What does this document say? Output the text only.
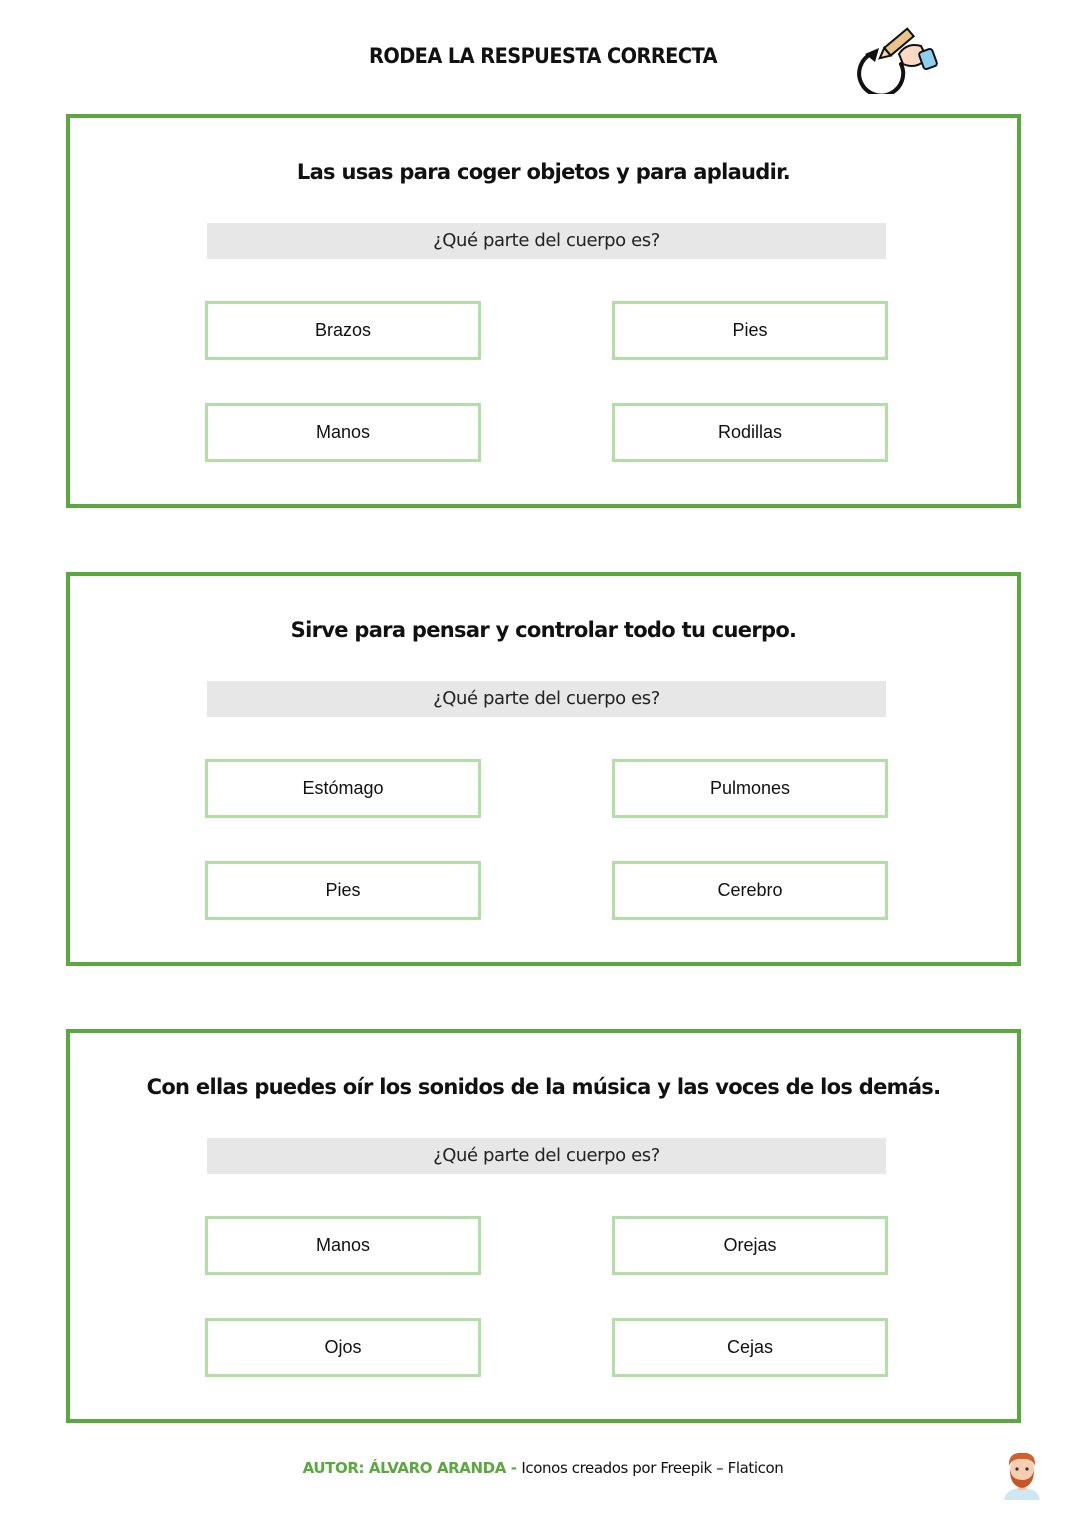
RODEA LA RESPUESTA CORRECTA
Las usas para coger objetos y para aplaudir.
¿Qué parte del cuerpo es?
Brazos	Pies
Manos	Rodillas
Sirve para pensar y controlar todo tu cuerpo.
¿Qué parte del cuerpo es?
Estómago	Pulmones
Pies	Cerebro
Con ellas puedes oír los sonidos de la música y las voces de los demás.
¿Qué parte del cuerpo es?
Manos	Orejas
Ojos	Cejas
AUTOR: ÁLVARO ARANDA - Iconos creados por Freepik – Flaticon
